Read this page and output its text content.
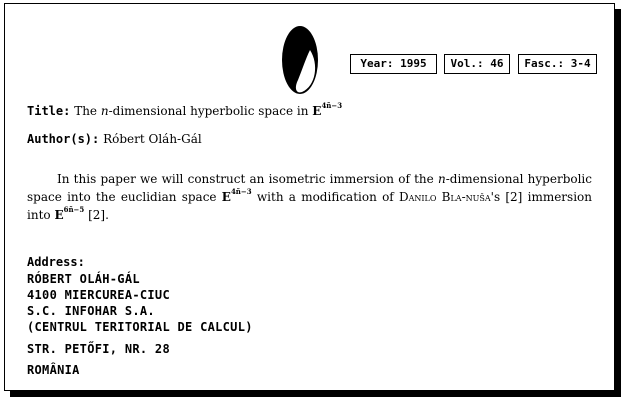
Year: 1995	Vol.: 46	Fasc.: 3-4
Title: The n-dimensional hyperbolic space in $E^{4ñ-3}$
Author(s): Róbert Oláh-Gál

In this paper we will construct an isometric immersion of the n-dimensional hyperbolic space into the euclidian space $E^{4ñ-3}$ with a modification of Danilo Bla-nuša's [2] immersion into $E^{6ñ-5}$ [2].

Address:
RÓBERT OLÁH-GÁL
4100 MIERCUREA-CIUC
S.C. INFOHAR S.A.
(CENTRUL TERITORIAL DE CALCUL)
STR. PETŐFI, NR. 28
ROMÂNIA
